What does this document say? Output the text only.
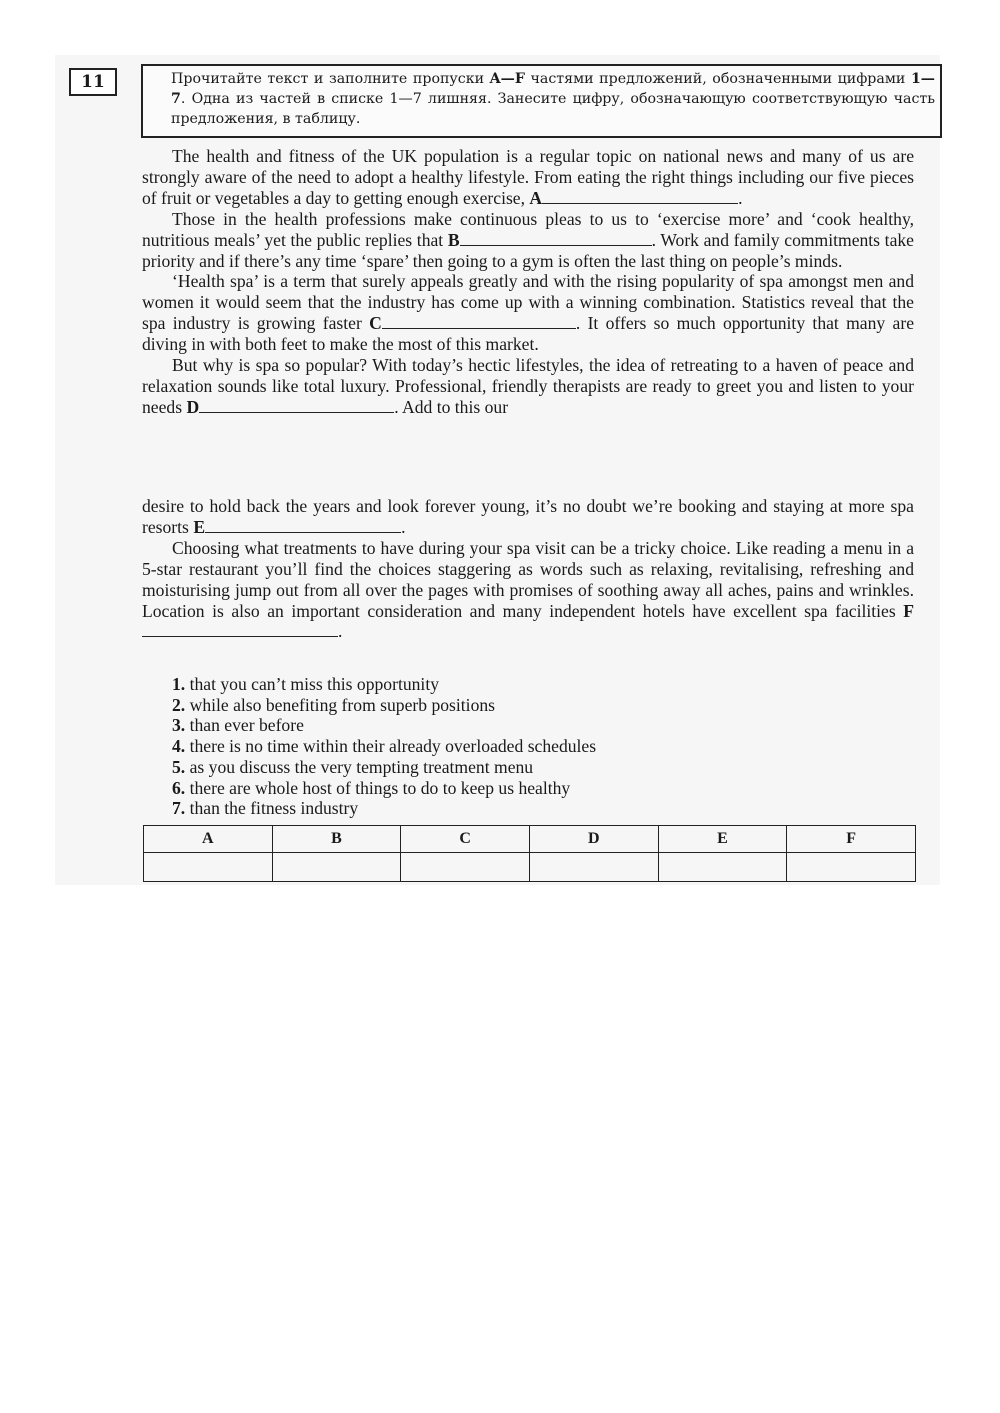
11	Прочитайте текст и заполните пропуски A—F частями предложений, обозначенными цифрами 1—7. Одна из частей в списке 1—7 лишняя. Занесите цифру, обозначающую соответствующую часть предложения, в таблицу.

The health and fitness of the UK population is a regular topic on national news and many of us are strongly aware of the need to adopt a healthy lifestyle. From eating the right things including our five pieces of fruit or vegetables a day to getting enough exercise, A	.

Those in the health professions make continuous pleas to us to ‘exercise more’ and ‘cook healthy, nutritious meals’ yet the public replies that B	. Work and family commitments take priority and if there’s any time ‘spare’ then going to a gym is often the last thing on people’s minds.

‘Health spa’ is a term that surely appeals greatly and with the rising popularity of spa amongst men and women it would seem that the industry has come up with a winning combination. Statistics reveal that the spa industry is growing faster C	. It offers so much opportunity that many are diving in with both feet to make the most of this market.

But why is spa so popular? With today’s hectic lifestyles, the idea of retreating to a haven of peace and relaxation sounds like total luxury. Professional, friendly therapists are ready to greet you and listen to your needs D	. Add to this our

desire to hold back the years and look forever young, it’s no doubt we’re booking and staying at more spa resorts E	.

Choosing what treatments to have during your spa visit can be a tricky choice. Like reading a menu in a 5-star restaurant you’ll find the choices staggering as words such as relaxing, revitalising, refreshing and moisturising jump out from all over the pages with promises of soothing away all aches, pains and wrinkles. Location is also an important consideration and many independent hotels have excellent spa facilities F.

1. that you can’t miss this opportunity
2. while also benefiting from superb positions
3. than ever before
4. there is no time within their already overloaded schedules
5. as you discuss the very tempting treatment menu
6. there are whole host of things to do to keep us healthy
7. than the fitness industry
A	B	C	D	E	F
